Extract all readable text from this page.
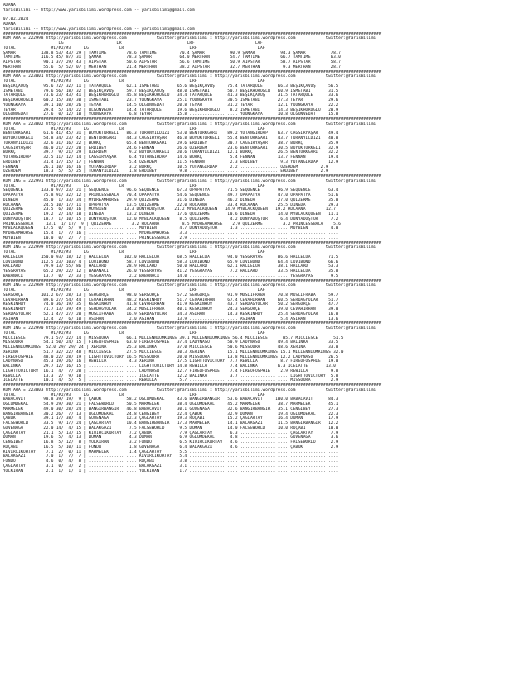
ADANA
YarisBilimi -- http://www.yarisbilimi.wordpress.com -- yarisbilimi@gmail.com

07.02.2024
ADANA
YarisBilimi -- http://www.yarisbilimi.wordpress.com -- yarisbilimi@gmail.com
######################################################################################################################################################
KUM ARA = 222998 http://yarisbilimi.wordpress.com            twitter:@YarisBilimi : http://yarisbilimi.wordpress.com            twitter:@YarisBilimi
LG                     LR                          LRF                        LAF
TOTAL              #1/#2/#3     LG            LR                          LRF                        LAF
ŞAMAR          138.8 53/ 43/ 29 | TAMTIME        78.6 TAMTIME         70.4 ŞAMAR          90.9 ŞAMAR          94.3 ŞAMAR          78.7
TAMTIME        116.5 45/ 87/ 31 | ŞAMAR          78.3 ŞAMAR           64.0 MERTHAN        54.7 TAMTIME        66.7 TAMTIME        63.0
AIPSTAR         90.1 37/ 29/ 43 | AIPSTAR        50.6 AIPSTAR         56.6 TAMTIME        50.9 AIPSTAR        58.7 AIPSTAR        58.7
MERTHAN         55.6  5/ 52/ 07 | MERTHAN        21.4 MERTHAN         38.2 AIPSTAR        32.7 MERTHAN         9.3 MERTHAN        28.7
######################################################################################################################################################
KUM ARA = 223001 http://yarisbilimi.wordpress.com            twitter:@YarisBilimi : http://yarisbilimi.wordpress.com            twitter:@YarisBilimi
TOTAL              #1/#2/#3     LG            LR                          LRF                        LAF
BEŞİKÇAVUŞ      95.6 72/ 32/ 11 | TATARQULE      62.1 İSMETABI       65.6 BEŞİKÇAVUŞ     75.4 TATARQULE      66.3 BEŞİKÇAVUŞ     56.5
İSMETABI        79.6 56/ 18/ 32 | BEŞİKÇAVUŞ     59.7 BEŞİKÇAVUŞ     48.0 İSMETABI       50.7 BEŞİKHOROĞLU   60.9 İSMETABI       31.5
TATARQULE       73.6 23/ 43/ 41 | BEŞİKHOROĞLU   45.8 BEŞİKHOROĞLU   34.4 TATARQULE      41.3 BEŞİKÇAVUŞ     31.5 TATARQULE      33.6
BEŞİKHOROĞLU    60.2 15/ 38/ 30 | İSMETABI       23.7 YOUNGKAYA      25.1 YOUNGKAYA      30.5 İSMETABI       27.3 TEYAR          29.6
YOUNGKAYA       39.1 10/ 28/ 26 | TEYAR          14.5 OLGUNVEDAT     20.8 TEYAR          31.2 TEYAR          12.1 YOUNGKAYA      22.2
TEYAR           29.4  5/ 14/ 22 | OLGUNVEDAT     14.4 TATARQULE      19.6 BEŞİKHOROĞLU    8.2 İSMETABI       14.3 BEŞİKHOROĞLU   20.9
OLGUNVEDAT      27.6  0/ 12/ 10 | YOUNGKAYA       6.8 TEYAR          15.8 .............. .... YOUNGKAYA      10.8 OLGUNVEDAT     15.8
######################################################################################################################################################
KUM ARA = 223002 http://yarisbilimi.wordpress.com            twitter:@YarisBilimi : http://yarisbilimi.wordpress.com            twitter:@YarisBilimi
TOTAL              #1/#2/#3     LG            LR                          LRF                        LAF
BENTÜRKGARI     61.6 41/ 45/ 31 | BÜYÜKTÜRKELI   86.3 TURANYILDIZI   53.0 BENTÜRKGARI    89.2 YUTANGIRDAP    63.7 CAGSIRYAŞAR    49.4
BÜYÜKTÜRKELI    54.8 34/ 23/ 42 | BENTÜRKGARI    44.3 CAGSIRYAŞAR    46.8 BÜYÜKTÜRKELI   55.4 BENTÜRKGARI    43.7 TURANYILDIZI   40.8
TURANYILDIZI    32.6 31/ 16/ 22 | BÜRKÇ          65.4 BENTÜRKGARI    29.6 ERDIBEY        30.7 CAGSIRYAŞAR    38.7 BÜRKÇ          35.9
CAGSIRYAŞAR     46.0 21/ 22/ 20 | ERDIBEY        24.6 FENNAN         26.6 ÖZERDEM        23.6 BENTÜRKGARI    30.5 BÜYÜKTÜRKELI   32.9
BÜRKÇ           39.7  9/ 21/ 29 | ÖZERDEM         9.2 BÜYÜKTÜRKELI   20.6 TURANYILDIZI   12.1 BÜRKÇ          26.5 BENTÜRKGARI    32.2
YUTANGIRDAP     32.5 11/ 12/ 14 | CAGSIRYAŞAR     6.4 YUTANGIRDAP    14.6 BÜRKÇ           5.4 FENNAN         13.7 FENNAN         19.4
ERDIBEY         31.4 17/ 15/ 17 | FENNAN          5.4 ÖZERDEM        11.5 FENNAN          2.3 ERDIBEY         9.3 YUTANGIRDAP    12.9
FENNAN          26.1 10/ 16/ 16 | YUTANGIRDAP     3.2 BÜRKÇ          10.5 YUTANGIRDAP     2.2 ............... ÖZERDEM         2.9
ÖZERDEM         18.3  5/  5/ 25 | TURANYILDIZI    1.8 ERDIBEY         9.8 .............. .... ............... ERDIBEY         2.9
######################################################################################################################################################
KUM ING = 222991 http://yarisbilimi.wordpress.com            twitter:@YarisBilimi : http://yarisbilimi.wordpress.com            twitter:@YarisBilimi
TOTAL              #1/#2/#3     LG            LR                          LRF                        LAF
SEQUENCE       133.0 97/ 23/ 21 | SEQUENCE       96.6 SEQUENCE       67.3 OPAPATYA       71.5 SEQUENCE       96.9 SEQUENCE       63.4
OPAPATYA        75.8 91/ 32/ 12 | PRINCESSBALA   70.4 OPAPATYA       54.6 SEQUENCE       49.7 OPAPATYA       47.0 OPAPATYA       51.6
DINEDA          45.0  1/ 33/ 34 | MYDREAMHORSE   29.9 QUIZERME       31.6 DINEDA         46.2 DINEDA         27.0 QUIZERME       35.0
ROCAANA         24.5 10/ 17/ 11 | OPAPATYA       13.5 QUIZERME       22.0 ROCAANA        33.4 ROCAANA        25.5 DINEDA         29.3
QUIZERME        23.5  6/ 10/ 16 | MUYBIEN       13.3 DÜNYADOŞTUR    21.2 MYBLACKQUEEN   14.9 MYBLACKQUEEN   19.2 ROCAANA        12.7
QUIZERME        19.2  2/ 14/ 10 | DINEDA         13.2 DINEDA         17.6 QUIZERME       10.6 DINEDA         14.0 MYBLACKQUEEN   11.1
DÜNYADOŞTUR     18.7  1/ 10/ 15 | DÜNYADOŞTUR    12.0 MYBLACKQUEEN    8.5 QUIZERME        4.2 DÜNYADOŞTUR     6.4 DÜNYADOŞTUR     7.2
PRINCESSBALA     13.1  1/ 17/  9 | QUIZERME        3.2 ROCAANA         8.5 MYDREAMHORSE    2.9 QUIZERME        3.2 PRINCESSBALA    5.6
MYBLACKQUEEN    17.5  0/  5/  9 | .............. .... MUYBIEN         4.7 DÜNYADOŞTUR     1.3 .............. .... MUYBIEN         4.0
MYDREAMHORSE    15.4  1/  7/ 16 | .............. .... MYDREAMHORSE    3.3 .............. .... .............. .... .............. ....
MUYBIEN         10.0  0/  2/  7 | .............. .... PRINCESSBALA    2.9 .............. .... .............. .... .............. ....
######################################################################################################################################################
KUM ING = 222999 http://yarisbilimi.wordpress.com            twitter:@YarisBilimi : http://yarisbilimi.wordpress.com            twitter:@YarisBilimi
TOTAL              #1/#2/#3     LG            LR                          LRF                        LAF
HALLELUA       150.0 93/ 18/ 12 | HALLELUA      102.0 HALLELUA       68.5 HALLELUA       94.0 YESGRAYAS      86.6 HALLELUA       71.5
LOVIBOND       112.5 23/ 103/ 4 | LOVIBOND       58.7 LOVIBOND       58.3 LOVIBOND       65.9 LOVIBOND       64.4 LOVIBOND       66.6
HALLARD         79.9 13/ 55/ 86 | HALLARD        28.9 HALLARD        50.0 HALLARD        62.1 HALLELUA       38.1 HALLARD        53.3
YESGRAYAS       65.2 29/ 22/ 12 | BABANACI       26.0 YESGRAYAS      41.2 YESGRAYAS       7.2 HALLARD        33.5 HALLELUA       35.8
BABANACI        13.7  0/  2/ 33 | YESGRAYAS       2.2 BABANACI       14.0 .............. .... .............. .... YESGRAYAS       9.5
######################################################################################################################################################
KUM ING = 222989 http://yarisbilimi.wordpress.com            twitter:@YarisBilimi : http://yarisbilimi.wordpress.com            twitter:@YarisBilimi
TOTAL              #1/#2/#3     LG            LR                          LRF                        LAF
SERGÖRÇE       101.2 67/ 28/ 13 | SERGÖRÇE       98.0 SERGÖRÇE       57.2 SERGÖRÇE       91.9 MUSLIFRABA     70.8 MUSLIFRABA     59.7
CEVAHİRHAN      89.6 27/ 54/ 44 | CEVAHİRHAN     48.2 KESKINHUY      51.7 CEVAHİRHAN     67.4 CEVAHİRHAN     60.5 SERDAĞYOLAR    51.7
KESKINHUY       74.0 36/ 19/ 35 | KESKINHUY      41.8 CEVAHİRHAN     41.9 KESKINHUY      43.7 SERDAĞYOLAR    50.2 SERGÖRÇE       47.7
KESKINHUY       71.7 13/ 39/ 49 | SERDAĞYOLAR    34.2 MUSLIFRABA     40.1 KESKINHUY      24.3 SERGÖRÇE       39.0 CEVAHİRHAN     39.0
SERDAĞYOLAR     52.1 47/ 27/ 20 | MUSLIFRABA     16.9 SERDAĞYOLAR    34.3 ASIHAN         14.3 KESKINHUY      25.4 SERDAĞYOLAR    16.8
ASIHAN          12.4  2/  6/ 10 | ASIHAN          2.0 ASIHAN         13.9 .............. .... ASIHAN          5.4 ASIHAN         13.6
######################################################################################################################################################
KUM ING = 222990 http://yarisbilimi.wordpress.com            twitter:@YarisBilimi : http://yarisbilimi.wordpress.com            twitter:@YarisBilimi
TOTAL              #1/#2/#3     LG            LR                          LRF                        LAF
MICCIESCE       79.1 57/ 22/ 14 | MISSOURA       66.1 MILLENNIUMKINGS 39.1 MILLENNIUMKINGS 56.4 MICCIESCE      85.7 MICCIESCE      51.5
MISSOURA        54.1 50/ 24/ 15 | FIREOFOSPHIE   63.0 FIREOFOSPHIE   37.4 LADYNASO       50.9 LADYNASO       49.4 BALINKA        33.5
MILLENNIUMKINGS  52.0 29/ 29/ 24 | XERINA        25.3 BALINKA        37.0 MICCIESCE      50.6 MISSOURA       48.6 XERINA         33.0
XERINA          51.7 32/ 22/ 48 | MICCIESCE      27.5 MICCIESCE      30.3 XERINA         15.1 MILLENNIUMKINGS 15.1 MILLENNIUMKINGS 32.0
FIREOFOSPHIE    48.0 22/ 28/ 19 | LIGHTTOVICTORY 16.5 MISSOURA       20.0 MISSOURA       13.8 MILLENNIUMKINGS 12.2 LADYNASO      26.5
LADYNASO        45.3 19/ 26/ 16 | REWILLA         4.3 XERINA         17.5 LIGHTTOVICTORY  7.7 REWILLA         8.7 FIREOFOSPHIE   19.0
BALINKA         29.7 12/ 16/ 15 | .............. .... LIGHTTOVICTORY 14.8 REWILLA         7.4 BALINKA        6.3 ICELATTE       13.0
LIGHTTOVICTORY  16.1  4/  7/ 20 | .............. .... LADYNASO       12.7 FIREOFOSPHIE    7.4 FIREOFOSPHIE    2.9 REWILLA         9.8
REWILLA         13.3  2/  9/ 10 | .............. .... ICELATTE       12.2 BALINKA         3.7 .............. .... LIGHTTOVICTORY  5.8
ICELATTE        10.1  4/  5/  5 | .............. .... REWILLA         5.7 .............. .... .............. .... MISSOURA        2.9
######################################################################################################################################################
KUM ARA = 223003 http://yarisbilimi.wordpress.com            twitter:@YarisBilimi : http://yarisbilimi.wordpress.com            twitter:@YarisBilimi
TOTAL              #1/#2/#3     LG            LR                          LRF                        LAF
BABACAVIT       98.8 39/ 19/  9 | ÇABUK          58.2 OĞLUMDEKAL     43.6 BANGIRBANGIR   53.6 BABACAVIT     100.0 BABACAVIT      84.3
OĞLUMDEKAL      54.9 29/ 30/ 21 | FALSEWORLD     50.5 MARMELEK       38.4 OĞLUMDEKAL     45.2 MARMELEK       38.7 MARMELEK       45.1
MARMELEK        49.0 30/ 28/ 24 | BANGIRBANGIR   46.8 BABACAVIT      30.1 GÜVENAĞA       32.6 BANGIRBANGIR   35.1 CENGIBEY       27.3
BANGIRBANGIR    30.2 26/  7/ 13 | OĞLUMDEKAL     24.8 CENGIBEY       22.4 ÇABUK          32.9 DUMAN          19.4 OĞLUMDEKAL     22.3
ÇABUK           39.1 17/ 38/  4 | GÜVENAĞA       12.3 ÇAĞLARTAY      19.3 ROÇABI         15.2 ÇAĞLARTAY      16.4 DUMAN          17.9
FALSEWORLD      33.5  9/ 17/ 24 | ÇAĞLARTAY      10.4 BANGIRBANGIR   17.3 MARMELEK       14.1 BALAKGAZI      11.5 BANGIRBANGIR   12.2
GÜVENAĞA        22.0 14/  4/ 15 | BALAKGAZI       7.5 FALSEWORLD      9.5 DUMAN          14.0 FALSEWORLD     10.0 ROÇABI         10.0
ÇAĞLARTAY       21.1  5/ 13/ 15 | KIVIRCIKORTAY   7.2 ÇABUK           7.9 ÇAĞLARTAY       6.3 .............. .... ÇAĞLARTAY       7.9
DUMAN           19.6  5/  4/ 13 | DUMAN           4.3 DUMAN           6.9 OĞLUMDEKAL      4.8 .............. .... GÜVENAĞA        3.6
CENGIBEY        16.8  5/ 12/  8 | YOLKIRAN        3.2 FUNDO           6.5 KIVIRCIKORTAY   4.6 .............. .... FALSEWORLD      2.9
ROÇABI          16.5  5/ 10/ 11 | FUNDO           1.8 GÜVENAĞA        6.4 BALAKGAZI       4.6 .............. .... ÇABUK           2.9
KIVIRCIKORTAY    7.1  2/  0/ 11 | MARMELEK        1.4 ÇAĞLARTAY       5.5 .............. .... .............. .... .............. ....
BALAKGAZI        7.0  1/  7/  7 | .............. .... KIVIRCIKORTAY   5.4 .............. .... .............. .... .............. ....
FUNDO            4.6  0/  4/  8 | .............. .... ROÇABI          3.8 .............. .... .............. .... .............. ....
ÇAĞLARTAY        3.1  0/  3/  2 | .............. .... BALAKGAZI       3.1 .............. .... .............. .... .............. ....
YOLKIRAN         2.1  1/  1/  1 | .............. .... YOLKIRAN        1.7 .............. .... .............. .... .............. ....
